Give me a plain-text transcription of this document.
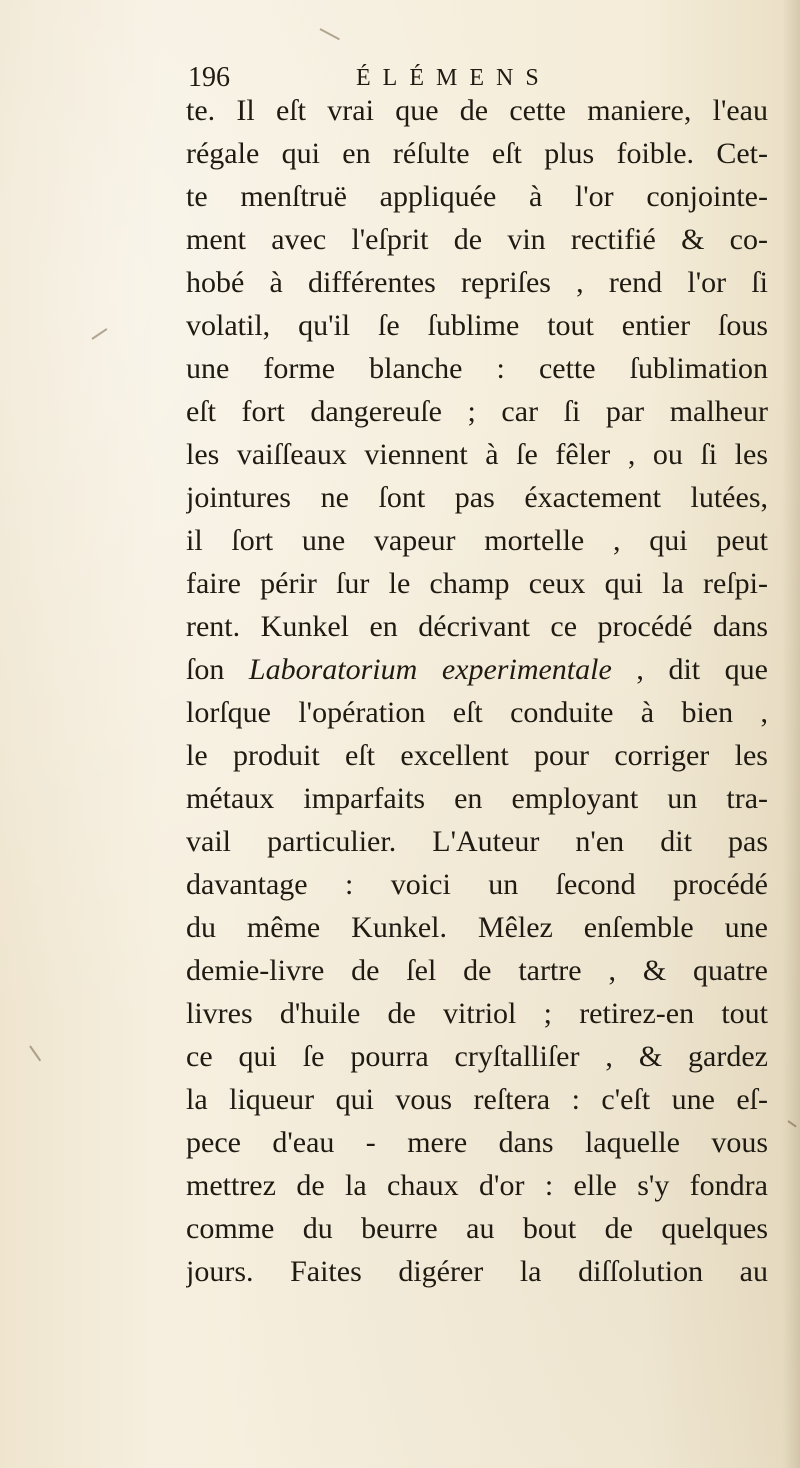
196	ÉLÉMENS
te. Il eſt vrai que de cette maniere, l'eau
régale qui en réſulte eſt plus foible. Cet-
te menſtruë appliquée à l'or conjointe-
ment avec l'eſprit de vin rectifié & co-
hobé à différentes repriſes , rend l'or ſi
volatil, qu'il ſe ſublime tout entier ſous
une forme blanche : cette ſublimation
eſt fort dangereuſe ; car ſi par malheur
les vaiſſeaux viennent à ſe fêler , ou ſi les
jointures ne ſont pas éxactement lutées,
il ſort une vapeur mortelle , qui peut
faire périr ſur le champ ceux qui la reſpi-
rent. Kunkel en décrivant ce procédé dans
ſon Laboratorium experimentale , dit que
lorſque l'opération eſt conduite à bien ,
le produit eſt excellent pour corriger les
métaux imparfaits en employant un tra-
vail particulier. L'Auteur n'en dit pas
davantage : voici un ſecond procédé
du même Kunkel. Mêlez enſemble une
demie-livre de ſel de tartre , & quatre
livres d'huile de vitriol ; retirez-en tout
ce qui ſe pourra cryſtalliſer , & gardez
la liqueur qui vous reſtera : c'eſt une eſ-
pece d'eau - mere dans laquelle vous
mettrez de la chaux d'or : elle s'y fondra
comme du beurre au bout de quelques
jours. Faites digérer la diſſolution au
